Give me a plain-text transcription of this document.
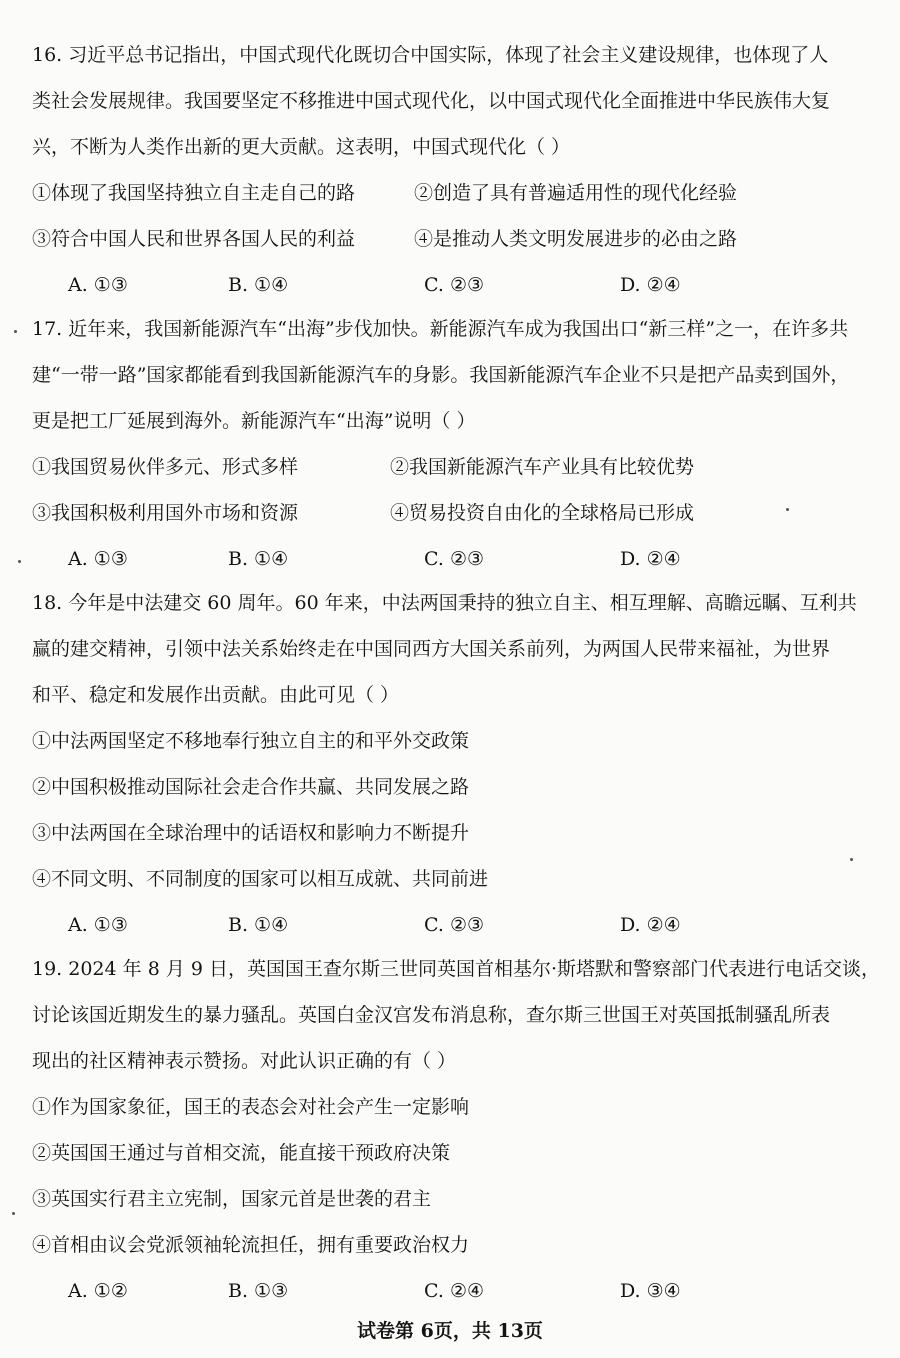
16. 习近平总书记指出，中国式现代化既切合中国实际，体现了社会主义建设规律，也体现了人
类社会发展规律。我国要坚定不移推进中国式现代化，以中国式现代化全面推进中华民族伟大复
兴，不断为人类作出新的更大贡献。这表明，中国式现代化（ ）
①体现了我国坚持独立自主走自己的路	②创造了具有普遍适用性的现代化经验
③符合中国人民和世界各国人民的利益	④是推动人类文明发展进步的必由之路
A. ①③	B. ①④	C. ②③	D. ②④
17. 近年来，我国新能源汽车“出海”步伐加快。新能源汽车成为我国出口“新三样”之一，在许多共
建“一带一路”国家都能看到我国新能源汽车的身影。我国新能源汽车企业不只是把产品卖到国外，
更是把工厂延展到海外。新能源汽车“出海”说明（ ）
①我国贸易伙伴多元、形式多样	②我国新能源汽车产业具有比较优势
③我国积极利用国外市场和资源	④贸易投资自由化的全球格局已形成
A. ①③	B. ①④	C. ②③	D. ②④
18. 今年是中法建交 60 周年。60 年来，中法两国秉持的独立自主、相互理解、高瞻远瞩、互利共
赢的建交精神，引领中法关系始终走在中国同西方大国关系前列，为两国人民带来福祉，为世界
和平、稳定和发展作出贡献。由此可见（ ）
①中法两国坚定不移地奉行独立自主的和平外交政策
②中国积极推动国际社会走合作共赢、共同发展之路
③中法两国在全球治理中的话语权和影响力不断提升
④不同文明、不同制度的国家可以相互成就、共同前进
A. ①③	B. ①④	C. ②③	D. ②④
19. 2024 年 8 月 9 日，英国国王查尔斯三世同英国首相基尔·斯塔默和警察部门代表进行电话交谈，
讨论该国近期发生的暴力骚乱。英国白金汉宫发布消息称，查尔斯三世国王对英国抵制骚乱所表
现出的社区精神表示赞扬。对此认识正确的有（ ）
①作为国家象征，国王的表态会对社会产生一定影响
②英国国王通过与首相交流，能直接干预政府决策
③英国实行君主立宪制，国家元首是世袭的君主
④首相由议会党派领袖轮流担任，拥有重要政治权力
A. ①②	B. ①③	C. ②④	D. ③④
试卷第 6页，共 13页
